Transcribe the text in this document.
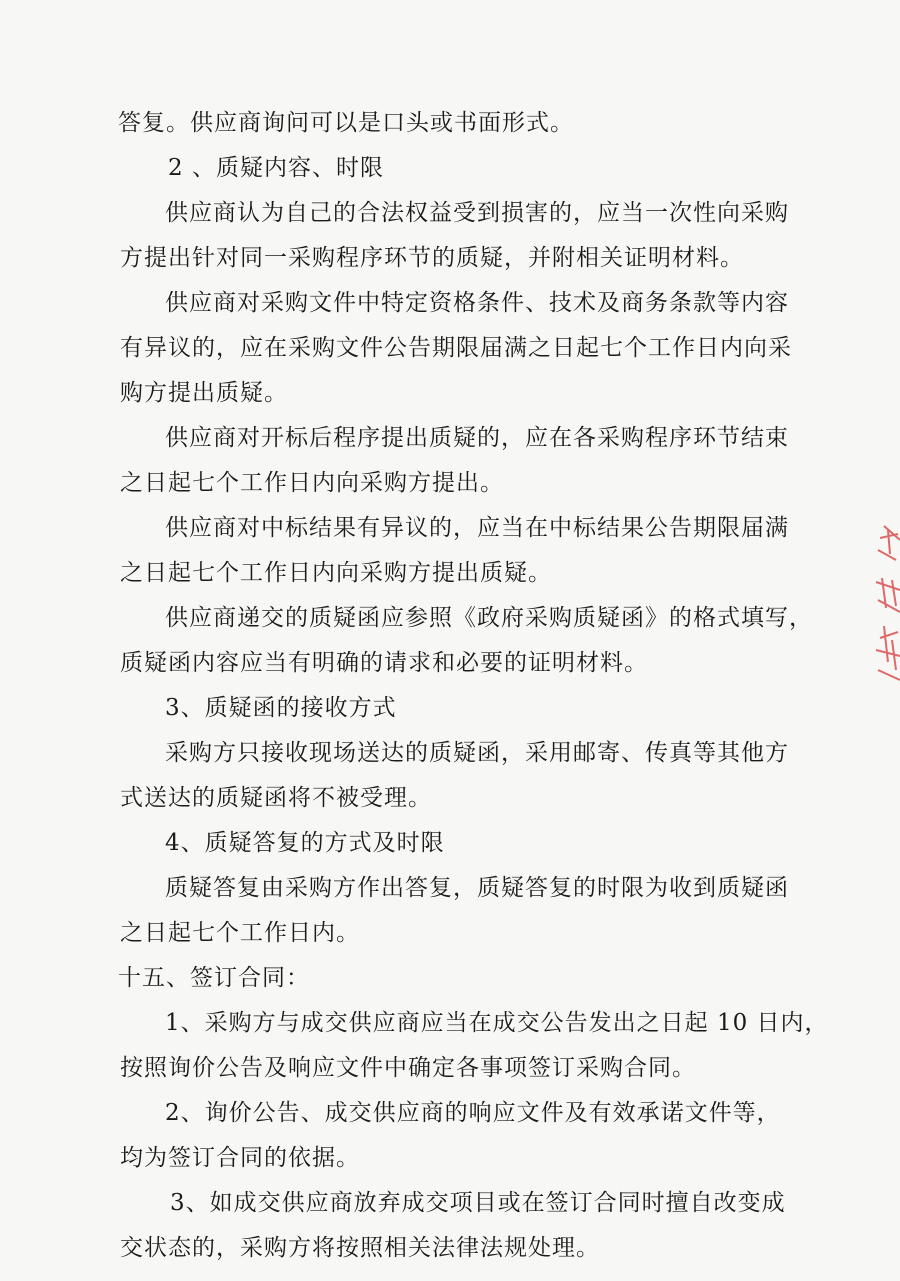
答复。供应商询问可以是口头或书面形式。
2 、质疑内容、时限
供应商认为自己的合法权益受到损害的，应当一次性向采购
方提出针对同一采购程序环节的质疑，并附相关证明材料。
供应商对采购文件中特定资格条件、技术及商务条款等内容
有异议的，应在采购文件公告期限届满之日起七个工作日内向采
购方提出质疑。
供应商对开标后程序提出质疑的，应在各采购程序环节结束
之日起七个工作日内向采购方提出。
供应商对中标结果有异议的，应当在中标结果公告期限届满
之日起七个工作日内向采购方提出质疑。
供应商递交的质疑函应参照《政府采购质疑函》的格式填写，
质疑函内容应当有明确的请求和必要的证明材料。
3、质疑函的接收方式
采购方只接收现场送达的质疑函，采用邮寄、传真等其他方
式送达的质疑函将不被受理。
4、质疑答复的方式及时限
质疑答复由采购方作出答复，质疑答复的时限为收到质疑函
之日起七个工作日内。
十五、签订合同：
1、采购方与成交供应商应当在成交公告发出之日起 10 日内，
按照询价公告及响应文件中确定各事项签订采购合同。
2、询价公告、成交供应商的响应文件及有效承诺文件等，
均为签订合同的依据。
3、如成交供应商放弃成交项目或在签订合同时擅自改变成
交状态的，采购方将按照相关法律法规处理。
